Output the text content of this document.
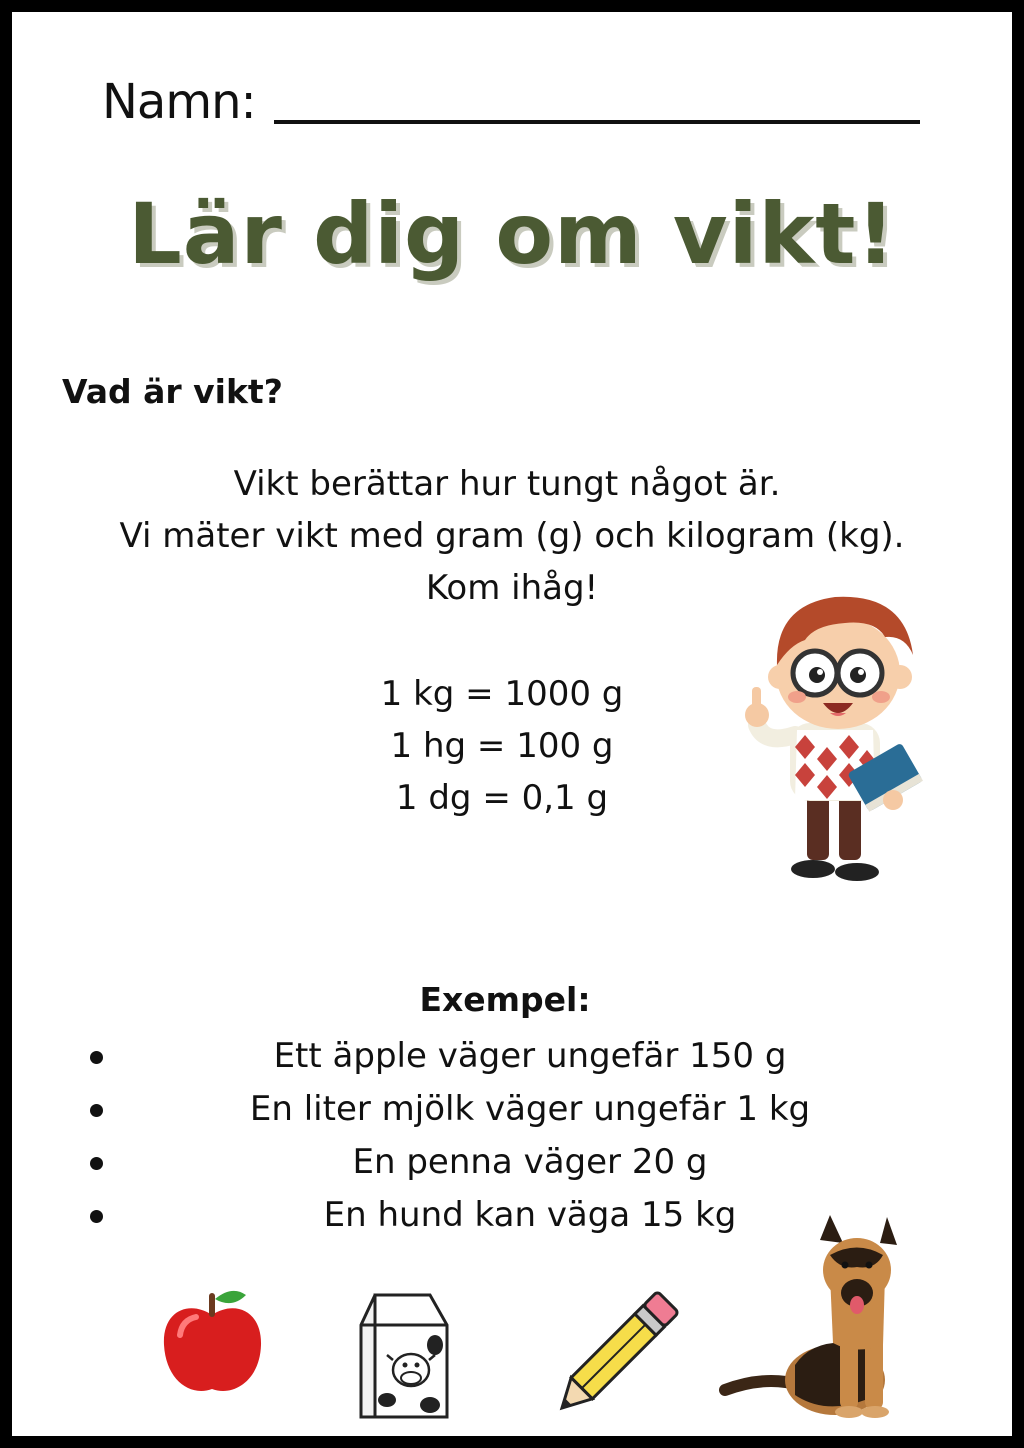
Namn:
Lär dig om vikt!
Vad är vikt?
Vikt berättar hur tungt något är.
Vi mäter vikt med gram (g) och kilogram (kg).
Kom ihåg!
1 kg = 1000 g
1 hg = 100 g
1 dg = 0,1 g
Exempel:
Ett äpple väger ungefär 150 g
En liter mjölk väger ungefär 1 kg
En penna väger 20 g
En hund kan väga 15 kg
